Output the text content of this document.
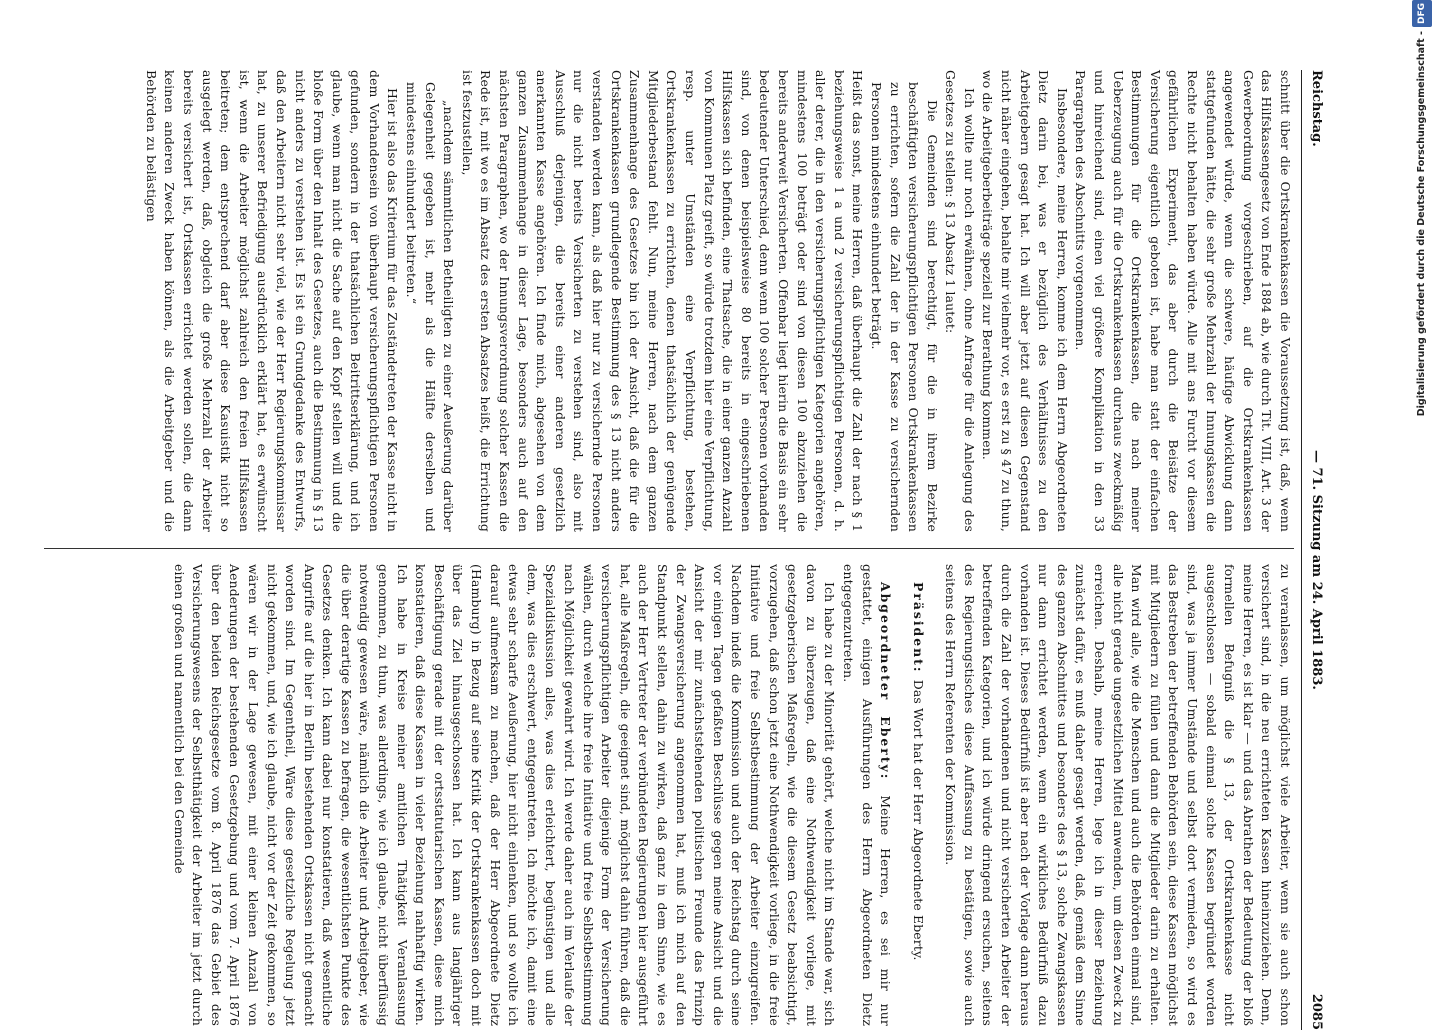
Reichstag.
— 71. Sitzung am 24. April 1883.
2085

schnitt über die Ortskrankenkassen die Voraussetzung ist, daß, wenn das Hilfskassengesetz von Ende 1884 ab, wie durch Tit. VIII, Art. 3 der Gewerbeordnung vorgeschrieben, auf die Ortskrankenkassen angewendet würde, wenn die schwere, häufige Abwicklung dann stattgefunden hätte, die sehr große Mehrzahl der Innungskassen die Rechte nicht behalten haben würde. Alle mit ans Furcht vor diesem gefährlichen Experiment, das aber durch die Beisätze der Versicherung eigentlich geboten ist, habe man statt der einfachen Bestimmungen für die Ortskrankenkassen, die nach meiner Ueberzeugung auch für die Ortskrankenkassen durchaus zweckmäßig und hinreichend sind, einen viel größere Komplikation in den 33 Paragraphen des Abschnitts vorgenommen.

Insbesondere, meine Herren, komme ich dem Herrn Abgeordneten Dietz darin bei, was er bezüglich des Verhältnisses zu den Arbeitgebern gesagt hat. Ich will aber jetzt auf diesen Gegenstand nicht näher eingehen, behalte mir vielmehr vor, es erst zu § 47 zu thun, wo die Arbeitgeberbeiträge speziell zur Berathung kommen.

Ich wollte nur noch erwähnen, ohne Anfrage für die Anlegung des Gesetzes zu stellen: § 13 Absatz 1 lautet:

Die Gemeinden sind berechtigt, für die in ihrem Bezirke beschäftigten versicherungspflichtigen Personen Ortskrankenkassen zu errichten, sofern die Zahl der in der Kasse zu versichernden Personen mindestens einhundert beträgt.

Heißt das sonst, meine Herren, daß überhaupt die Zahl der nach § 1 beziehungsweise 1 a und 2 versicherungspflichtigen Personen, d. h. aller derer, die in den versicherungspflichtigen Kategorien angehören, mindestens 100 beträgt oder sind von diesen 100 abzuziehen die bereits anderweit Versicherten. Offenbar liegt hierin die Basis ein sehr bedeutender Unterschied, denn wenn 100 solcher Personen vorhanden sind, von denen beispielsweise 80 bereits in eingeschriebenen Hilfskassen sich befinden, eine Thatsache, die in einer ganzen Anzahl von Kommunen Platz greift, so würde trotzdem hier eine Verpflichtung, resp. unter Umständen eine Verpflichtung, bestehen, Ortskrankenkassen zu errichten, denen thatsächlich der genügende Mitgliederbestand fehlt. Nun, meine Herren, nach dem ganzen Zusammenhange des Gesetzes bin ich der Ansicht, daß die für die Ortskrankenkassen grundlegende Bestimmung des § 13 nicht anders verstanden werden kann, als daß hier nur zu versichernde Personen nur die nicht bereits Versicherten zu verstehen sind, also mit Ausschluß derjenigen, die bereits einer anderen gesetzlich anerkannten Kasse angehören. Ich finde mich, abgesehen von dem ganzen Zusammenhange in dieser Lage, besonders auch auf den nächsten Paragraphen, wo der Innungsverordnung solcher Kassen die Rede ist, mit wo es im Absatz des ersten Absatzes heißt, die Errichtung ist festzustellen,

„nachdem sämmtlichen Betheiligten zu einer Aeußerung darüber Gelegenheit gegeben ist, mehr als die Hälfte derselben und mindestens einhundert beitreten.“

Hier ist also das Kriterium für das Zuständetreten der Kasse nicht in dem Vorhandensein von überhaupt versicherungspflichtigen Personen gefunden, sondern in der thatsächlichen Beitrittserklärung, und ich glaube, wenn man nicht die Sache auf den Kopf stellen will und die bloße Form über den Inhalt des Gesetzes, auch die Bestimmung in § 13 nicht anders zu verstehen ist. Es ist ein Grundgedanke des Entwurfs, daß den Arbeitern nicht sehr viel, wie der Herr Regierungskommissar hat, zu unserer Befriedigung ausdrücklich erklärt hat, es erwünscht ist, wenn die Arbeiter möglichst zahlreich den freien Hilfskassen beitreten; dem entsprechend darf aber diese Kasuistik nicht so ausgelegt werden, daß, obgleich die große Mehrzahl der Arbeiter bereits versichert ist, Ortskassen errichtet werden sollen, die dann keinen anderen Zweck haben können, als die Arbeitgeber und die Behörden zu belästigen

zu veranlassen, um möglichst viele Arbeiter, wenn sie auch schon versichert sind, in die neu errichteten Kassen hineinzuziehen. Denn, meine Herren, es ist klar — und das Abrathen der Bedeutung der bloß formellen Befugniß die § 13, der Ortskrankenkasse nicht ausgeschlossen — sobald einmal solche Kassen begründet worden sind, was ja immer Umstände und selbst dort vermieden, so wird es das Bestreben der betreffenden Behörden sein, diese Kassen möglichst mit Mitgliedern zu füllen und dann die Mitglieder darin zu erhalten. Man wird alle, wie die Menschen und auch die Behörden einmal sind, alle nicht gerade ungesetzlichen Mittel anwenden, um diesen Zweck zu erreichen. Deshalb, meine Herren, lege ich in dieser Beziehung zunächst dafür, es muß daher gesagt werden, daß, gemäß dem Sinne des ganzen Abschnittes und besonders des § 13, solche Zwangskassen nur dann errichtet werden, wenn ein wirkliches Bedürfniß dazu vorhanden ist. Dieses Bedürfniß ist aber nach der Vorlage dann heraus durch die Zahl der vorhandenen und nicht versicherten Arbeiter der betreffenden Kategorien, und ich würde dringend ersuchen, seitens des Regierungstisches diese Auffassung zu bestätigen, sowie auch seitens des Herrn Referenten der Kommission.

Präsident: Das Wort hat der Herr Abgeordnete Eberty.

Abgeordneter Eberty: Meine Herren, es sei mir nur gestattet, einigen Ausführungen des Herrn Abgeordneten Dietz entgegenzutreten.

Ich habe zu der Minorität gehört, welche nicht im Stande war, sich davon zu überzeugen, daß eine Nothwendigkeit vorliege, mit gesetzgeberischen Maßregeln, wie die diesem Gesetz beabsichtigt, vorzugehen, daß schon jetzt eine Nothwendigkeit vorliege, in die freie Initiative und freie Selbstbestimmung der Arbeiter einzugreifen. Nachdem indeß die Kommission und auch der Reichstag durch seine vor einigen Tagen gefaßten Beschlüsse gegen meine Ansicht und die Ansicht der mir zunächststehenden politischen Freunde das Prinzip der Zwangsversicherung angenommen hat, muß ich mich auf den Standpunkt stellen, dahin zu wirken, daß ganz in dem Sinne, wie es auch der Herr Vertreter der verbündeten Regierungen hier ausgeführt hat, alle Maßregeln, die geeignet sind, möglichst dahin führen, daß die versicherungspflichtigen Arbeiter diejenige Form der Versicherung wählen, durch welche ihre freie Initiative und freie Selbstbestimmung nach Möglichkeit gewahrt wird. Ich werde daher auch im Verlaufe der Spezialdiskussion alles, was dies erleichtert, begünstigen und alle dem, was dies erschwert, entgegentreten. Ich möchte ich, damit eine etwas sehr scharfe Aeußerung, hier nicht einlenken, und so wollte ich darauf aufmerksam zu machen, daß der Herr Abgeordnete Dietz (Hamburg) in Bezug auf seine Kritik der Ortskrankenkassen doch mit über das Ziel hinausgeschossen hat. Ich kann aus langjähriger Beschäftigung gerade mit der ortsstatutarischen Kassen, diese mich konstatieren, daß diese Kassen in vieler Beziehung nahhaftig wirken. Ich habe in Kreise meiner amtlichen Thätigkeit Veranlassung genommen, zu thun, was allerdings, wie ich glaube, nicht überflüssig notwendig gewesen wäre, nämlich die Arbeiter und Arbeitgeber, wie die über derartige Kassen zu befragen, die wesentlichsten Punkte des Gesetzes denken. Ich kann dabei nur konstatieren, daß wesentliche Angriffe auf die hier in Berlin bestehenden Ortskassen nicht gemacht worden sind. Im Gegentheil, Wäre diese gesetzliche Regelung jetzt nicht gekommen, und, wie ich glaube, nicht vor der Zeit gekommen, so wären wir in der Lage gewesen, mit einer kleinen Anzahl von Aenderungen der bestehenden Gesetzgebung und vom 7. April 1876 über den beiden Reichsgesetze vom 8. April 1876 das Gebiet des Versicherungswesens der Selbstthätigkeit der Arbeiter im jetzt durch einen großen und namentlich bei den Gemeinde

Digitalisierung gefördert durch die Deutsche Forschungsgemeinschaft -DFG
